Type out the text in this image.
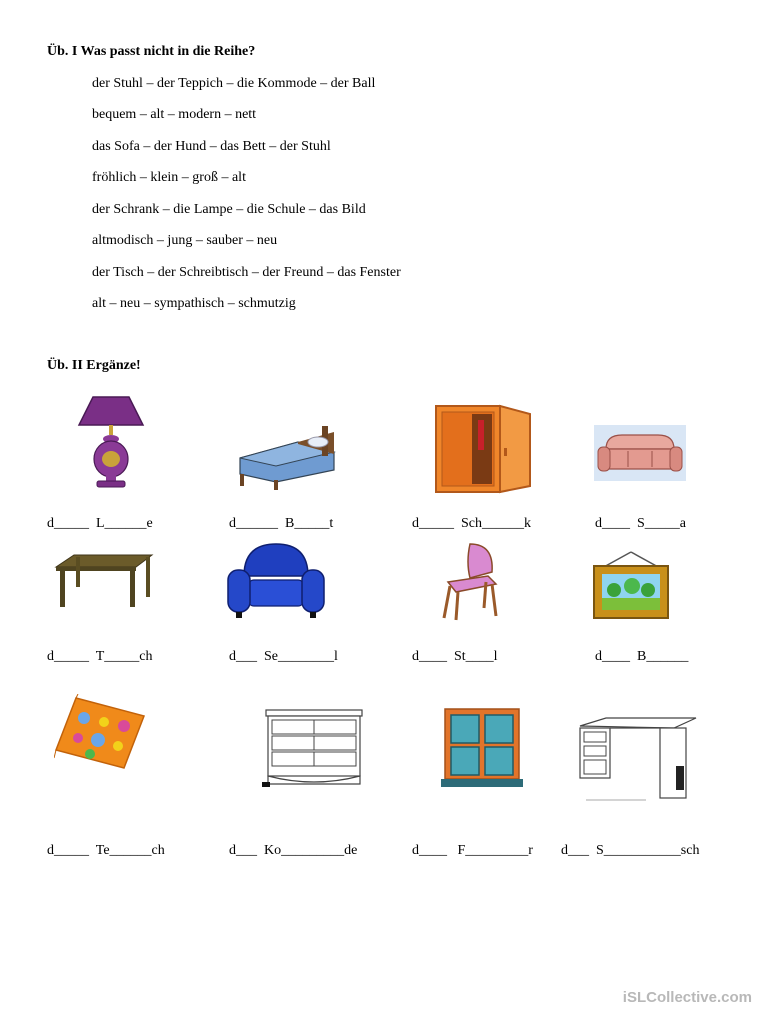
Üb. I Was passt nicht in die Reihe?
der Stuhl – der Teppich – die Kommode – der Ball
bequem – alt – modern – nett
das Sofa – der Hund – das Bett – der Stuhl
fröhlich – klein – groß – alt
der Schrank – die Lampe – die Schule – das Bild
altmodisch – jung – sauber – neu
der Tisch – der Schreibtisch – der Freund – das Fenster
alt – neu – sympathisch – schmutzig
Üb. II Ergänze!
d_____  L______e	d______  B_____t	d_____  Sch______k	d____  S_____a
d_____  T_____ch	d___  Se________l	d____  St____l	d____  B______
d_____  Te______ch	d___  Ko_________de	d____   F_________r d___  S___________sch
iSLCollective.com
